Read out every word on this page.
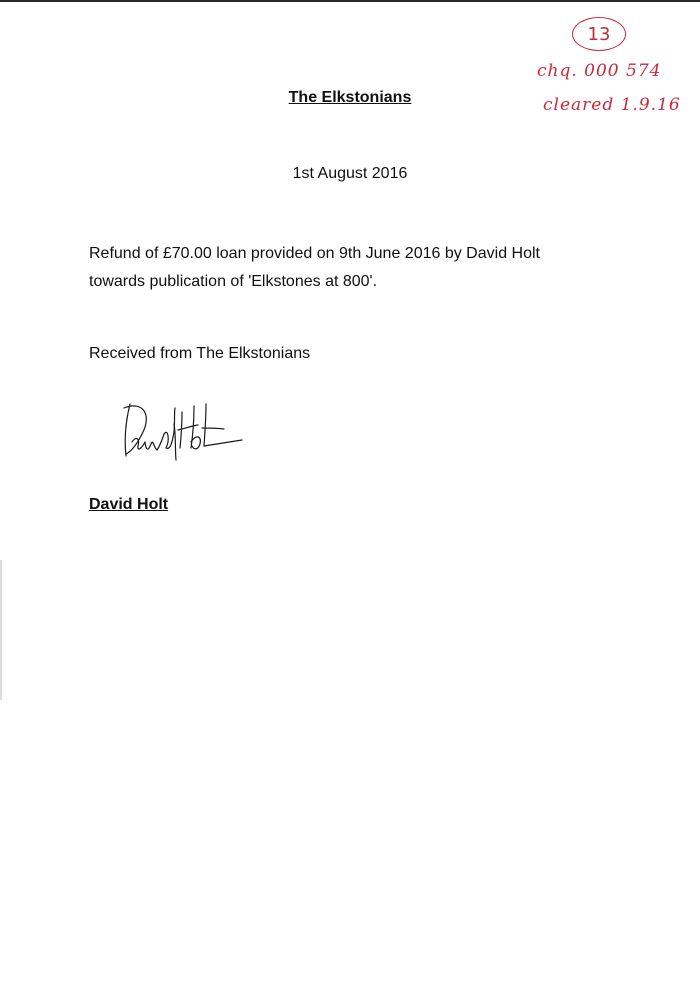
13
chq. 000 574
cleared 1.9.16
The Elkstonians
1st August 2016
Refund of £70.00 loan provided on 9th June 2016 by David Holt
towards publication of 'Elkstones at 800'.
Received from The Elkstonians
David Holt
